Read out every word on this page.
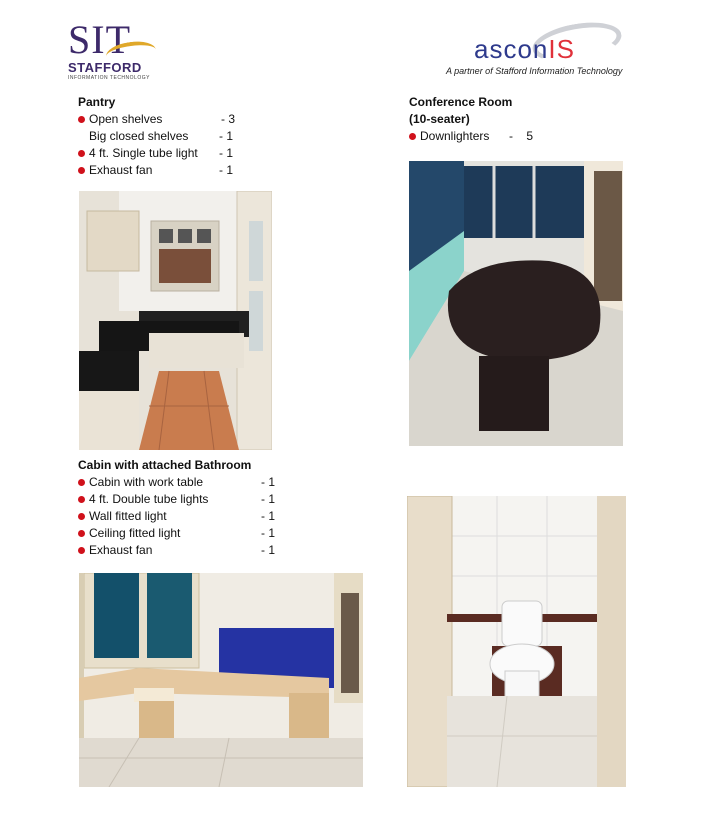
SIT
STAFFORD
INFORMATION TECHNOLOGY
asconIS
A partner of Stafford Information Technology
Pantry
Open shelves	- 3
Big closed shelves	- 1
4 ft. Single tube light - 1
Exhaust fan	- 1
Conference Room
(10-seater)
Downlighters -    5
Cabin with attached Bathroom
Cabin with work table	- 1
4 ft. Double tube lights	- 1
Wall fitted light	- 1
Ceiling fitted light	- 1
Exhaust fan	- 1
